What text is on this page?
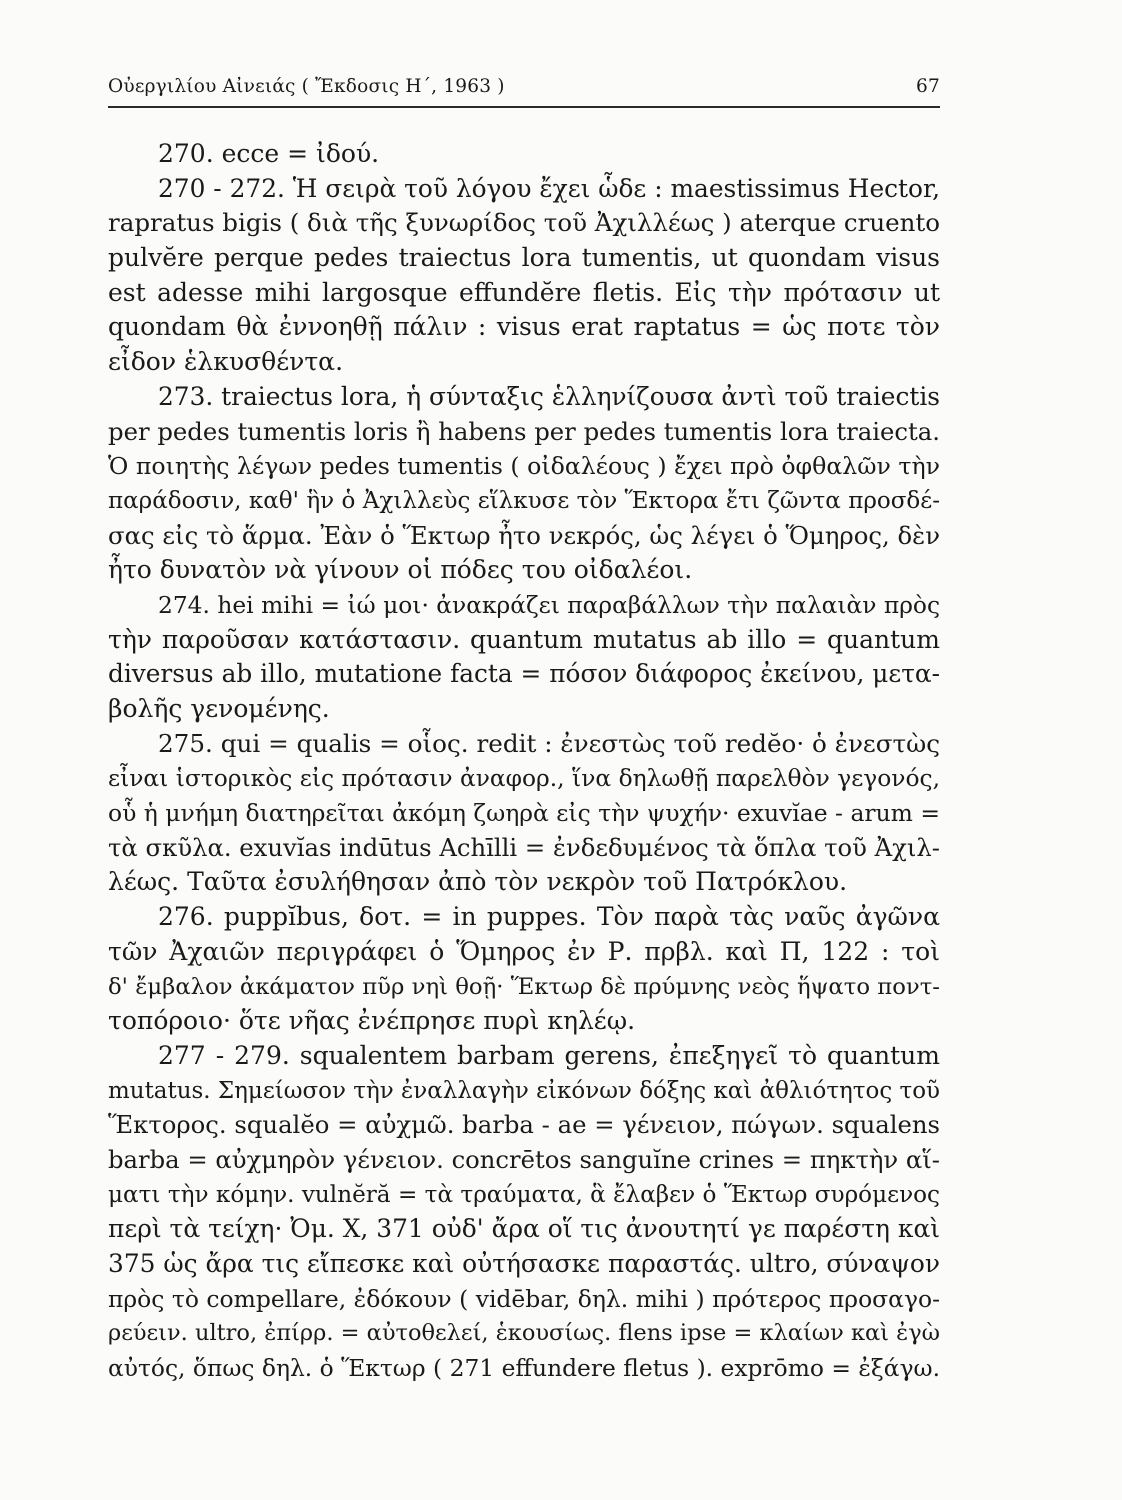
Οὐεργιλίου Αἰνειάς ( Ἔκδοσις Η΄, 1963 )	67
270. ecce = ἰδού.
270 - 272. Ἡ σειρὰ τοῦ λόγου ἔχει ὧδε : maestissimus Hector,
rapratus bigis ( διὰ τῆς ξυνωρίδος τοῦ Ἀχιλλέως ) aterque cruento
pulvĕre perque pedes traiectus lora tumentis, ut quondam visus
est adesse mihi largosque effundĕre fletis. Εἰς τὴν πρότασιν ut
quondam θὰ ἐννοηθῇ πάλιν : visus erat raptatus = ὡς ποτε τὸν
εἶδον ἑλκυσθέντα.
273. traiectus lora, ἡ σύνταξις ἑλληνίζουσα ἀντὶ τοῦ traiectis
per pedes tumentis loris ἢ habens per pedes tumentis lora traiecta.
Ὁ ποιητὴς λέγων pedes tumentis ( οἰδαλέους ) ἔχει πρὸ ὀφθαλῶν τὴν
παράδοσιν, καθ' ἣν ὁ Ἀχιλλεὺς εἵλκυσε τὸν Ἕκτορα ἔτι ζῶντα προσδέ-
σας εἰς τὸ ἅρμα. Ἐὰν ὁ Ἕκτωρ ἦτο νεκρός, ὡς λέγει ὁ Ὅμηρος, δὲν
ἦτο δυνατὸν νὰ γίνουν οἱ πόδες του οἰδαλέοι.
274. hei mihi = ἰώ μοι· ἀνακράζει παραβάλλων τὴν παλαιὰν πρὸς
τὴν παροῦσαν κατάστασιν. quantum mutatus ab illo = quantum
diversus ab illo, mutatione facta = πόσον διάφορος ἐκείνου, μετα-
βολῆς γενομένης.
275. qui = qualis = οἷος. redit : ἐνεστὼς τοῦ redĕo· ὁ ἐνεστὼς
εἶναι ἱστορικὸς εἰς πρότασιν ἀναφορ., ἵνα δηλωθῇ παρελθὸν γεγονός,
οὗ ἡ μνήμη διατηρεῖται ἀκόμη ζωηρὰ εἰς τὴν ψυχήν· exuvĭae - arum =
τὰ σκῦλα. exuvĭas indūtus Achīlli = ἐνδεδυμένος τὰ ὅπλα τοῦ Ἀχιλ-
λέως. Ταῦτα ἐσυλήθησαν ἀπὸ τὸν νεκρὸν τοῦ Πατρόκλου.
276. puppĭbus, δοτ. = in puppes. Τὸν παρὰ τὰς ναῦς ἀγῶνα
τῶν Ἀχαιῶν περιγράφει ὁ Ὅμηρος ἐν Ρ. πρβλ. καὶ Π, 122 : τοὶ
δ' ἔμβαλον ἀκάματον πῦρ νηὶ θοῇ· Ἕκτωρ δὲ πρύμνης νεὸς ἥψατο ποντ-
τοπόροιο· ὅτε νῆας ἐνέπρησε πυρὶ κηλέῳ.
277 - 279. squalentem barbam gerens, ἐπεξηγεῖ τὸ quantum
mutatus. Σημείωσον τὴν ἐναλλαγὴν εἰκόνων δόξης καὶ ἀθλιότητος τοῦ
Ἕκτορος. squalĕo = αὐχμῶ. barba - ae = γένειον, πώγων. squalens
barba = αὐχμηρὸν γένειον. concrētos sanguĭne crines = πηκτὴν αἵ-
ματι τὴν κόμην. vulnĕră = τὰ τραύματα, ἃ ἔλαβεν ὁ Ἕκτωρ συρόμενος
περὶ τὰ τείχη· Ὀμ. Χ, 371 οὐδ' ἄρα οἵ τις ἀνουτητί γε παρέστη καὶ
375 ὡς ἄρα τις εἴπεσκε καὶ οὐτήσασκε παραστάς. ultro, σύναψον
πρὸς τὸ compellare, ἐδόκουν ( vidēbar, δηλ. mihi ) πρότερος προσαγο-
ρεύειν. ultro, ἐπίρρ. = αὐτοθελεί, ἑκουσίως. flens ipse = κλαίων καὶ ἐγὼ
αὐτός, ὅπως δηλ. ὁ Ἕκτωρ ( 271 effundere fletus ). exprōmo = ἐξάγω.
